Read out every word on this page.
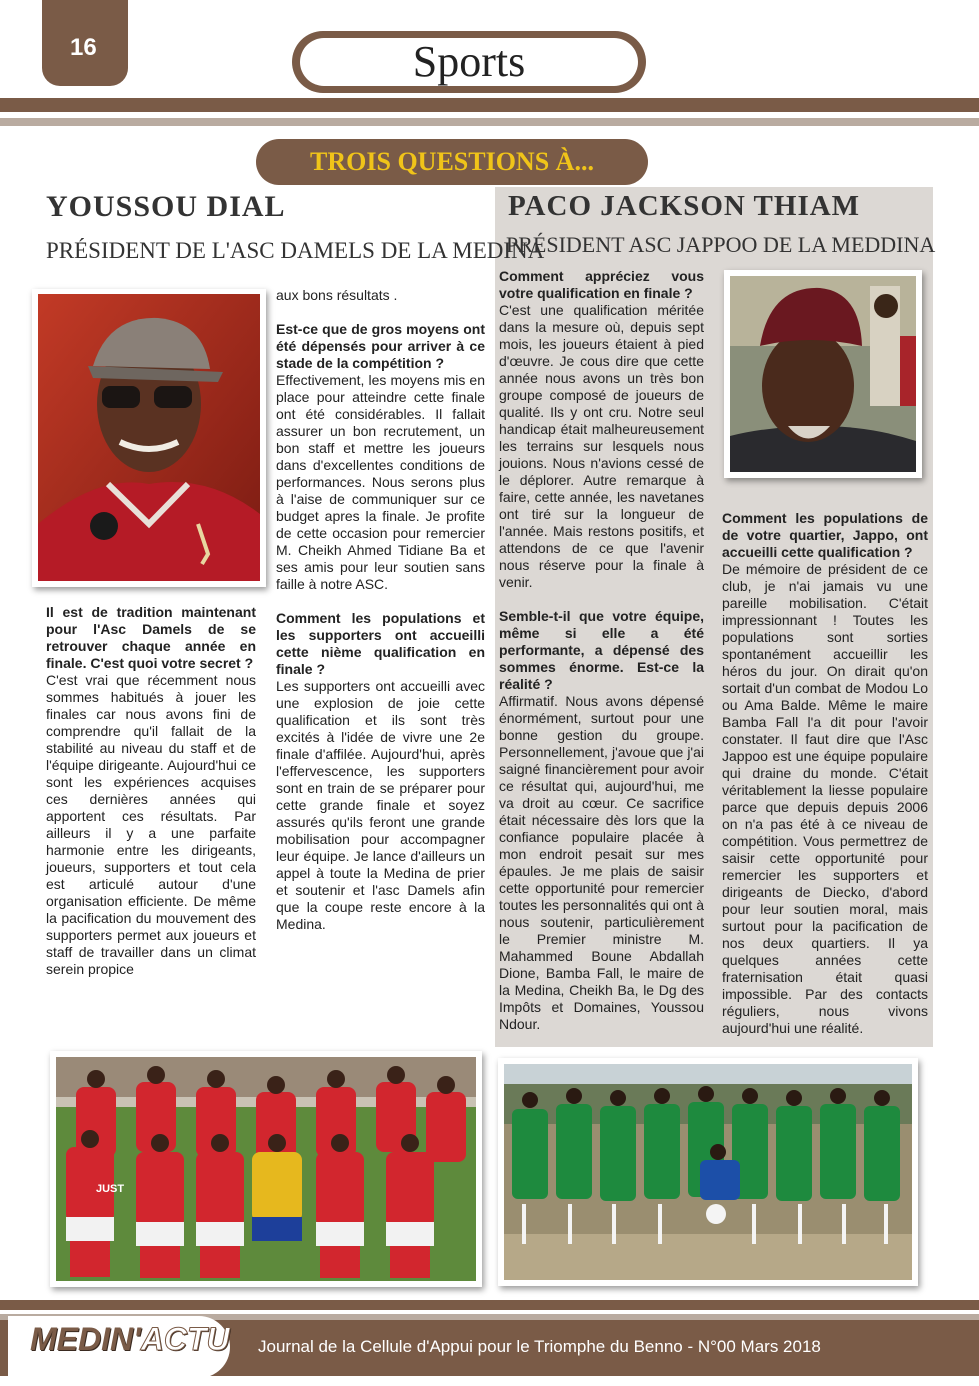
16	Sports
TROIS QUESTIONS À...
YOUSSOU DIAL
PRÉSIDENT DE L'ASC DAMELS DE LA MEDINA
PACO JACKSON THIAM
PRÉSIDENT ASC JAPPOO DE LA MEDDINA

Il est de tradition maintenant pour l'Asc Damels de se retrouver chaque année en finale. C'est quoi votre secret ?

C'est vrai que récemment nous sommes habitués à jouer les finales car nous avons fini de comprendre qu'il fallait de la stabilité au niveau du staff et de l'équipe dirigeante. Aujourd'hui ce sont les expériences acquises ces dernières années qui apportent ces résultats. Par ailleurs il y a une parfaite harmonie entre les dirigeants, joueurs, supporters et tout cela est articulé autour d'une organisation efficiente. De même la pacification du mouvement des supporters permet aux joueurs et staff de travailler dans un climat serein propice

aux bons résultats .

Est-ce que de gros moyens ont été dépensés pour arriver à ce stade de la compétition ?

Effectivement, les moyens mis en place pour atteindre cette finale ont été considérables. Il fallait assurer un bon recrutement, un bon staff et mettre les joueurs dans d'excellentes conditions de performances. Nous serons plus à l'aise de communiquer sur ce budget apres la finale. Je profite de cette occasion pour remercier M. Cheikh Ahmed Tidiane Ba et ses amis pour leur soutien sans faille à notre ASC.

Comment les populations et les supporters ont accueilli cette nième qualification en finale ?

Les supporters ont accueilli avec une explosion de joie cette qualification et ils sont très excités à l'idée de vivre une 2e finale d'affilée. Aujourd'hui, après l'effervescence, les supporters sont en train de se préparer pour cette grande finale et soyez assurés qu'ils feront une grande mobilisation pour accompagner leur équipe. Je lance d'ailleurs un appel à toute la Medina de prier et soutenir et l'asc Damels afin que la coupe reste encore à la Medina.

Comment appréciez vous votre qualification en finale ?

C'est une qualification méritée dans la mesure où, depuis sept mois, les joueurs étaient à pied d'œuvre. Je cous dire que cette année nous avons un très bon groupe composé de joueurs de qualité. Ils y ont cru. Notre seul handicap était malheureusement les terrains sur lesquels nous jouions. Nous n'avions cessé de le déplorer. Autre remarque à faire, cette année, les navetanes ont tiré sur la longueur de l'année. Mais restons positifs, et attendons de ce que l'avenir nous réserve pour la finale à venir.

Semble-t-il que votre équipe, même si elle a été performante, a dépensé des sommes énorme. Est-ce la réalité ?

Affirmatif. Nous avons dépensé énormément, surtout pour une bonne gestion du groupe. Personnellement, j'avoue que j'ai saigné financièrement pour avoir ce résultat qui, aujourd'hui, me va droit au cœur. Ce sacrifice était nécessaire dès lors que la confiance populaire placée à mon endroit pesait sur mes épaules. Je me plais de saisir cette opportunité pour remercier toutes les personnalités qui ont à nous soutenir, particulièrement le Premier ministre M. Mahammed Boune Abdallah Dione, Bamba Fall, le maire de la Medina, Cheikh Ba, le Dg des Impôts et Domaines, Youssou Ndour.

Comment les populations de de votre quartier, Jappo, ont accueilli cette qualification ?

De mémoire de président de ce club, je n'ai jamais vu une pareille mobilisation. C'était impressionnant ! Toutes les populations sont sorties spontanément accueillir les héros du jour. On dirait qu'on sortait d'un combat de Modou Lo ou Ama Balde. Même le maire Bamba Fall l'a dit pour l'avoir constater. Il faut dire que l'Asc Jappoo est une équipe populaire qui draine du monde. C'était véritablement la liesse populaire parce que depuis depuis 2006 on n'a pas été à ce niveau de compétition. Vous permettrez de saisir cette opportunité pour remercier les supporters et dirigeants de Diecko, d'abord pour leur soutien moral, mais surtout pour la pacification de nos deux quartiers. Il ya quelques années cette fraternisation était quasi impossible. Par des contacts réguliers, nous vivons aujourd'hui une réalité.

JUST
MEDIN'ACTU Journal de la Cellule d'Appui pour le Triomphe du Benno - N°00 Mars 2018
